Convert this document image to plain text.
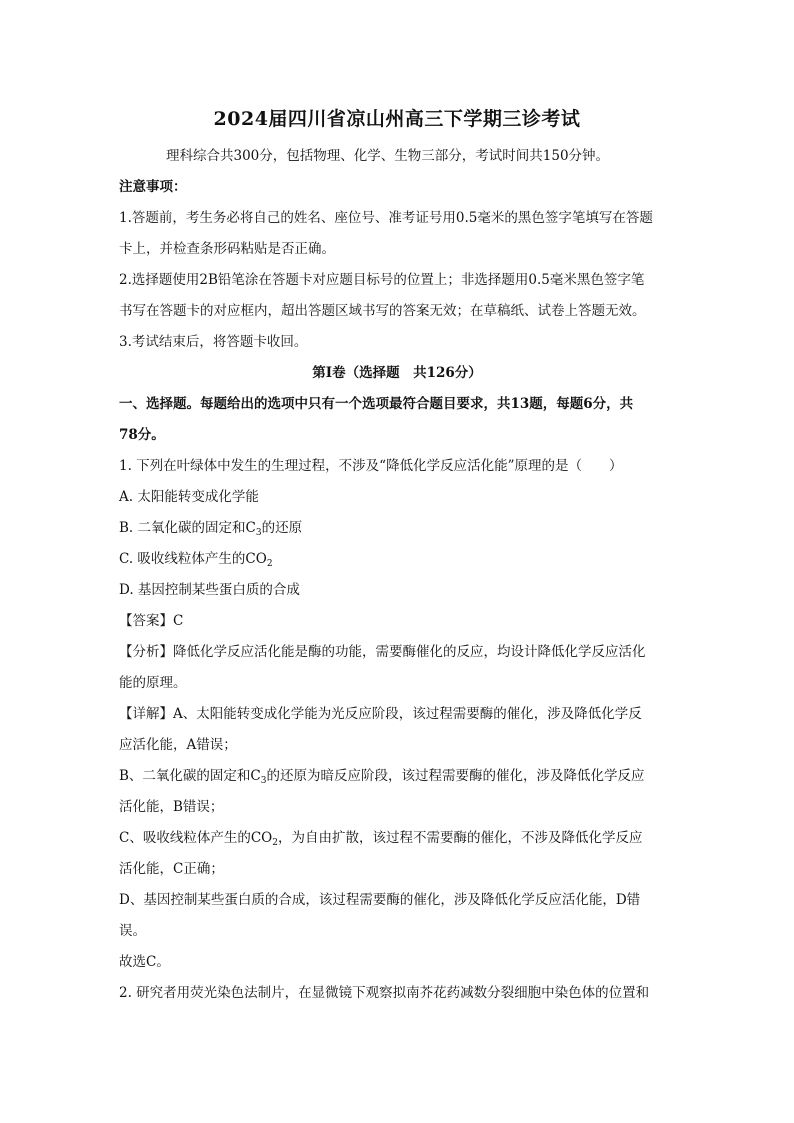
2024届四川省凉山州高三下学期三诊考试
理科综合共300分，包括物理、化学、生物三部分，考试时间共150分钟。
注意事项：
1.答题前，考生务必将自己的姓名、座位号、准考证号用0.5毫米的黑色签字笔填写在答题
卡上，并检查条形码粘贴是否正确。
2.选择题使用2B铅笔涂在答题卡对应题目标号的位置上；非选择题用0.5毫米黑色签字笔
书写在答题卡的对应框内，超出答题区域书写的答案无效；在草稿纸、试卷上答题无效。
3.考试结束后，将答题卡收回。
第Ⅰ卷（选择题　共126分）
一、选择题。每题给出的选项中只有一个选项最符合题目要求，共13题，每题6分，共
78分。
1. 下列在叶绿体中发生的生理过程，不涉及“降低化学反应活化能”原理的是（　　）
A. 太阳能转变成化学能
B. 二氧化碳的固定和$C_3$的还原
C. 吸收线粒体产生的$CO_2$
D. 基因控制某些蛋白质的合成
【答案】C
【分析】降低化学反应活化能是酶的功能，需要酶催化的反应，均设计降低化学反应活化
能的原理。
【详解】A、太阳能转变成化学能为光反应阶段，该过程需要酶的催化，涉及降低化学反
应活化能，A错误；
B、二氧化碳的固定和$C_3$的还原为暗反应阶段，该过程需要酶的催化，涉及降低化学反应
活化能，B错误；
C、吸收线粒体产生的$CO_2$，为自由扩散，该过程不需要酶的催化，不涉及降低化学反应
活化能，C正确；
D、基因控制某些蛋白质的合成，该过程需要酶的催化，涉及降低化学反应活化能，D错
误。
故选C。
2. 研究者用荧光染色法制片，在显微镜下观察拟南芥花药减数分裂细胞中染色体的位置和
